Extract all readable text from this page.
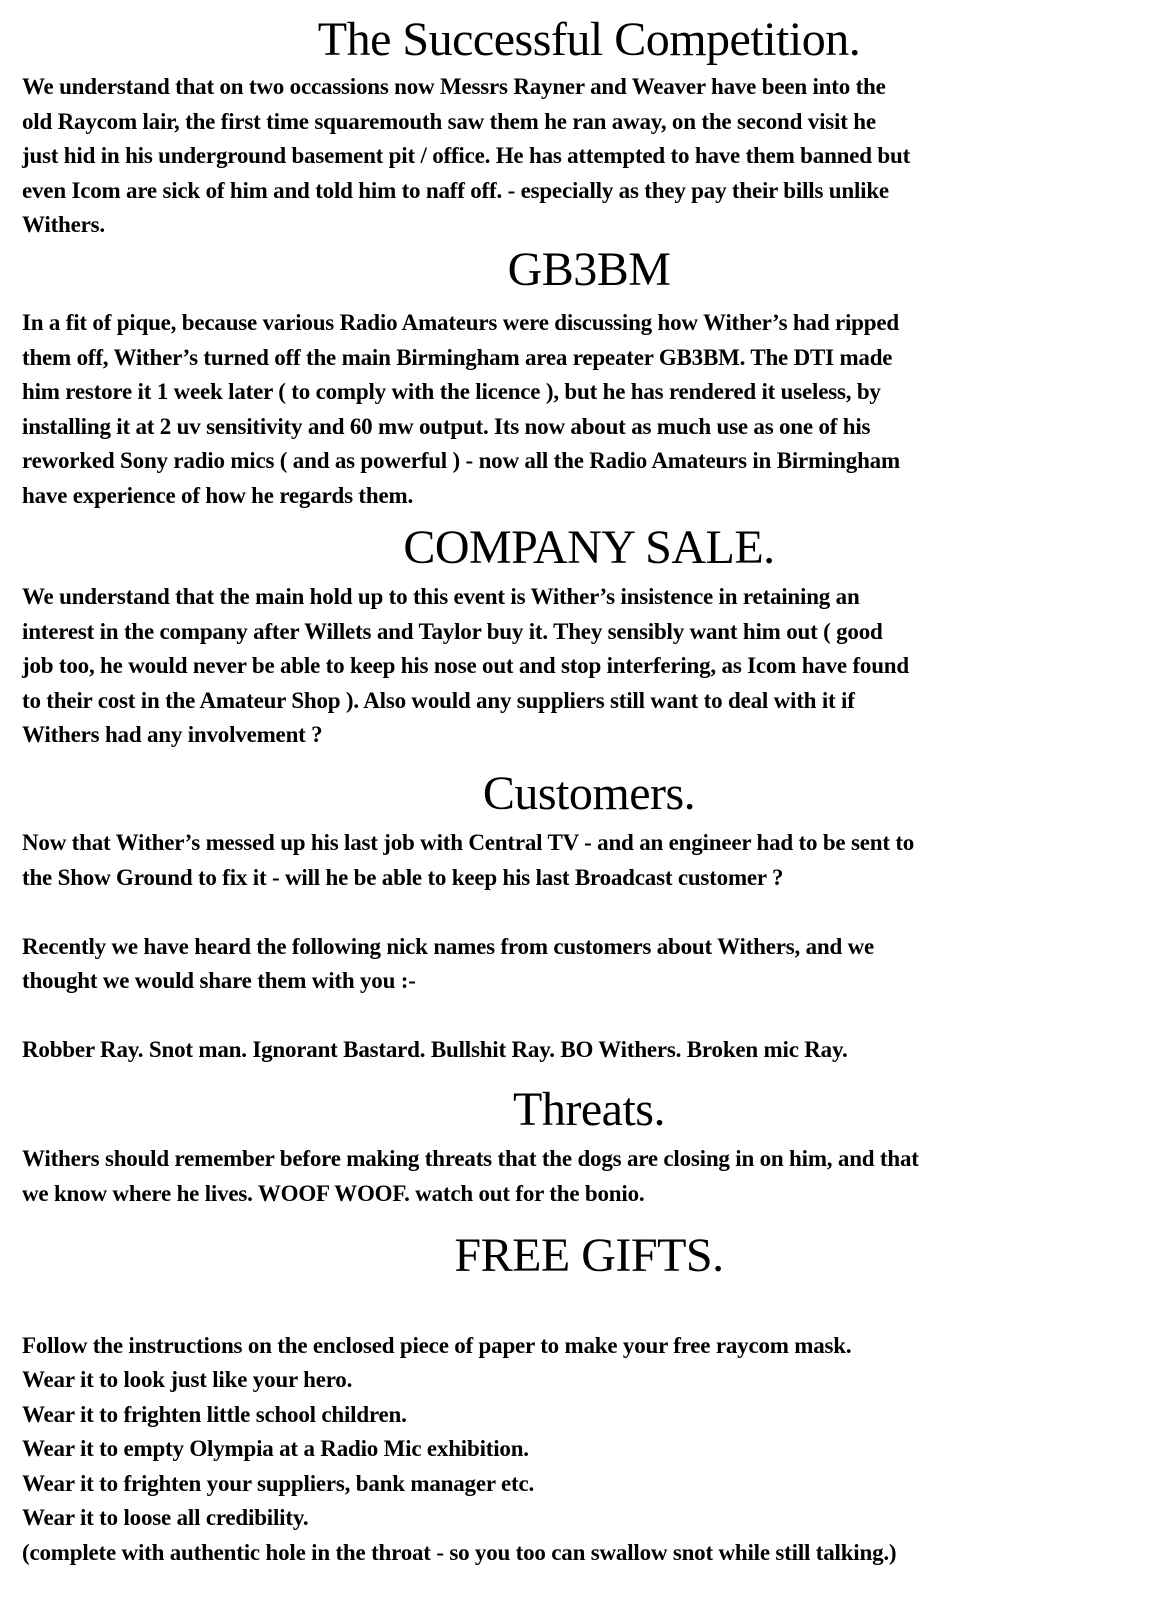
The Successful Competition.

We understand that on two occassions now Messrs Rayner and Weaver have been into the

old Raycom lair, the first time squaremouth saw them he ran away, on the second visit he

just hid in his underground basement pit / office. He has attempted to have them banned but

even Icom are sick of him and told him to naff off. - especially as they pay their bills unlike

Withers.

GB3BM

In a fit of pique, because various Radio Amateurs were discussing how Wither’s had ripped

them off, Wither’s turned off the main Birmingham area repeater GB3BM. The DTI made

him restore it 1 week later ( to comply with the licence ), but he has rendered it useless, by

installing it at 2 uv sensitivity and 60 mw output. Its now about as much use as one of his

reworked Sony radio mics ( and as powerful ) - now all the Radio Amateurs in Birmingham

have experience of how he regards them.

COMPANY SALE.

We understand that the main hold up to this event is Wither’s insistence in retaining an

interest in the company after Willets and Taylor buy it. They sensibly want him out ( good

job too, he would never be able to keep his nose out and stop interfering, as Icom have found

to their cost in the Amateur Shop ). Also would any suppliers still want to deal with it if

Withers had any involvement ?

Customers.

Now that Wither’s messed up his last job with Central TV - and an engineer had to be sent to

the Show Ground to fix it - will he be able to keep his last Broadcast customer ?

Recently we have heard the following nick names from customers about Withers, and we

thought we would share them with you :-

Robber Ray. Snot man. Ignorant Bastard. Bullshit Ray. BO Withers. Broken mic Ray.

Threats.

Withers should remember before making threats that the dogs are closing in on him, and that

we know where he lives. WOOF WOOF. watch out for the bonio.

FREE GIFTS.

Follow the instructions on the enclosed piece of paper to make your free raycom mask.

Wear it to look just like your hero.

Wear it to frighten little school children.

Wear it to empty Olympia at a Radio Mic exhibition.

Wear it to frighten your suppliers, bank manager etc.

Wear it to loose all credibility.

(complete with authentic hole in the throat - so you too can swallow snot while still talking.)
